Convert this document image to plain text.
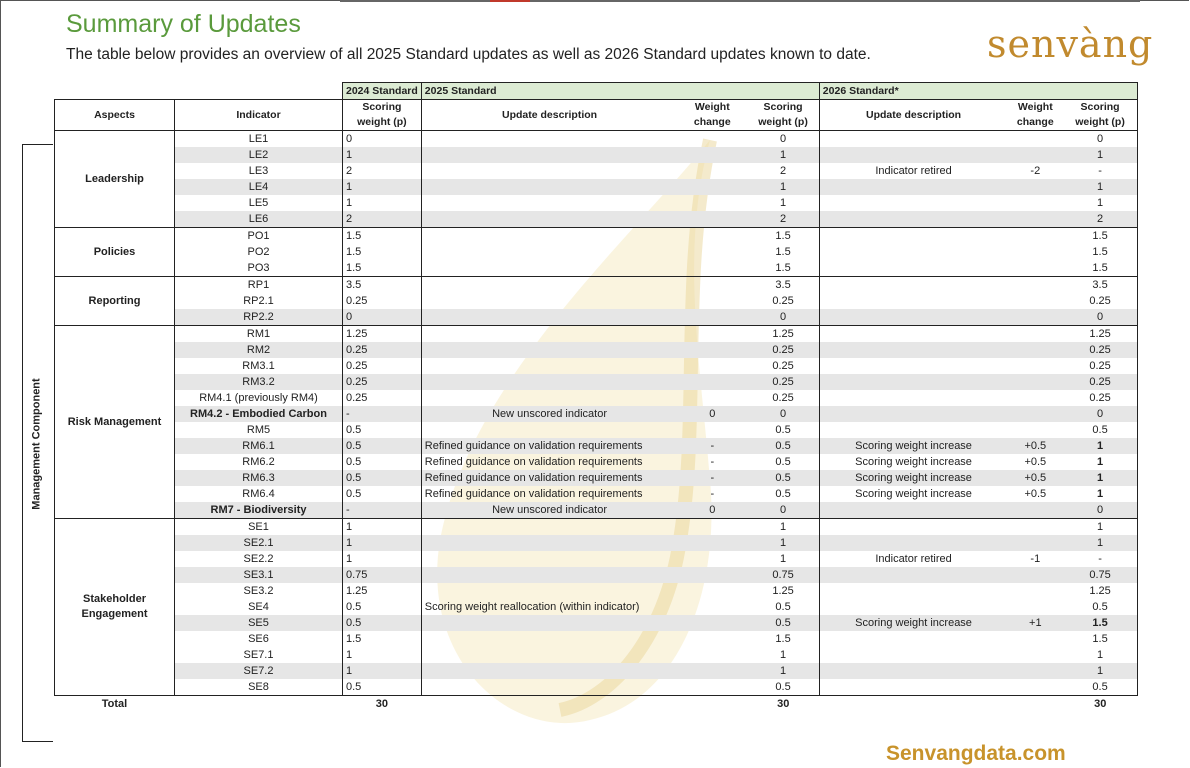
Summary of Updates
The table below provides an overview of all 2025 Standard updates as well as 2026 Standard updates known to date.	senvàng
Management Component
		2024 Standard	2025 Standard			2026 Standard*		
Aspects	Indicator	Scoring weight (p)	Update description	Weight change	Scoring weight (p)	Update description	Weight change	Scoring weight (p)
Leadership	LE1	0			0			0
	LE2	1			1			1
	LE3	2			2	Indicator retired	-2	-
	LE4	1			1			1
	LE5	1			1			1
	LE6	2			2			2
Policies	PO1	1.5			1.5			1.5
	PO2	1.5			1.5			1.5
	PO3	1.5			1.5			1.5
Reporting	RP1	3.5			3.5			3.5
	RP2.1	0.25			0.25			0.25
	RP2.2	0			0			0
Risk Management	RM1	1.25			1.25			1.25
	RM2	0.25			0.25			0.25
	RM3.1	0.25			0.25			0.25
	RM3.2	0.25			0.25			0.25
	RM4.1 (previously RM4)	0.25			0.25			0.25
	RM4.2 - Embodied Carbon	-	New unscored indicator	0	0			0
	RM5	0.5			0.5			0.5
	RM6.1	0.5	Refined guidance on validation requirements	-	0.5	Scoring weight increase	+0.5	1
	RM6.2	0.5	Refined guidance on validation requirements	-	0.5	Scoring weight increase	+0.5	1
	RM6.3	0.5	Refined guidance on validation requirements	-	0.5	Scoring weight increase	+0.5	1
	RM6.4	0.5	Refined guidance on validation requirements	-	0.5	Scoring weight increase	+0.5	1
	RM7 - Biodiversity	-	New unscored indicator	0	0			0
Stakeholder Engagement	SE1	1			1			1
	SE2.1	1			1			1
	SE2.2	1			1	Indicator retired	-1	-
	SE3.1	0.75			0.75			0.75
	SE3.2	1.25			1.25			1.25
	SE4	0.5	Scoring weight reallocation (within indicator)		0.5			0.5
	SE5	0.5			0.5	Scoring weight increase	+1	1.5
	SE6	1.5			1.5			1.5
	SE7.1	1			1			1
	SE7.2	1			1			1
	SE8	0.5			0.5			0.5
Total		30			30			30
Senvangdata.com
